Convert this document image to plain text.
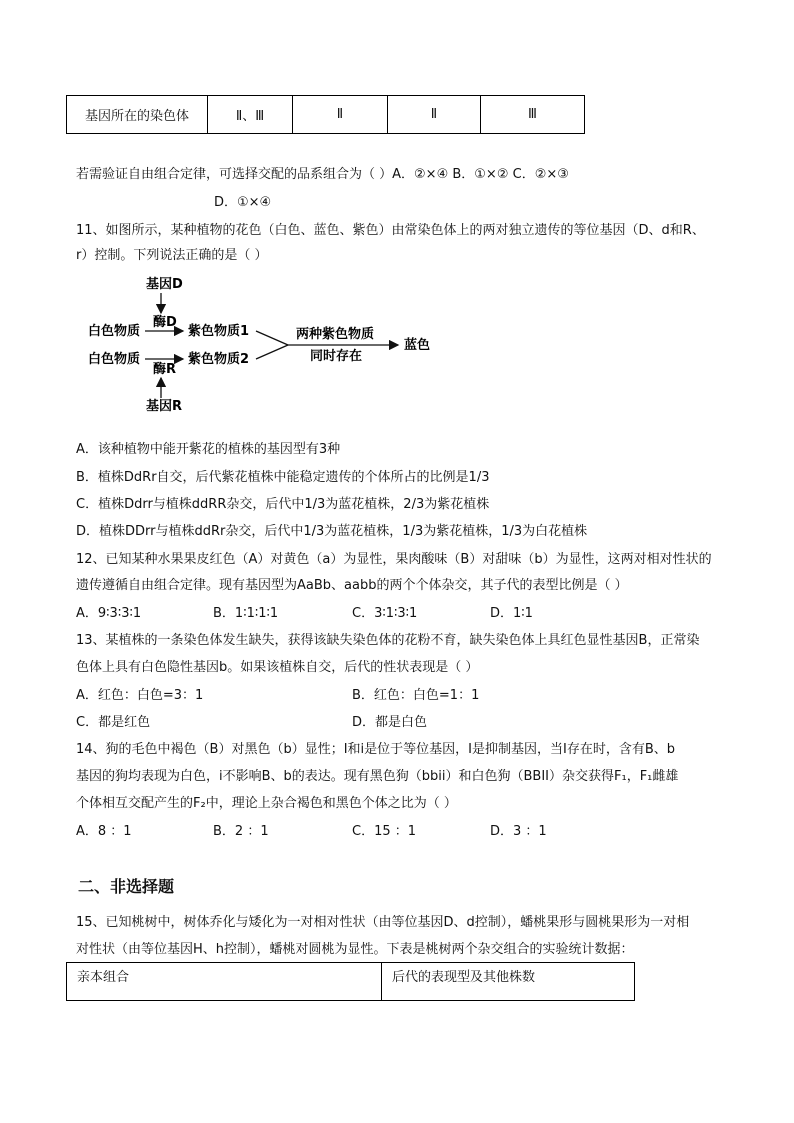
基因所在的染色体	Ⅱ、Ⅲ	Ⅱ	Ⅱ	Ⅲ
若需验证自由组合定律，可选择交配的品系组合为（ ）A．②×④ B．①×② C．②×③
D．①×④
11、如图所示，某种植物的花色（白色、蓝色、紫色）由常染色体上的两对独立遗传的等位基因（D、d和R、
r）控制。下列说法正确的是（ ）
基因D
酶D
白色物质	紫色物质1
白色物质	紫色物质2
酶R
基因R
两种紫色物质
同时存在
蓝色
A．该种植物中能开紫花的植株的基因型有3种
B．植株DdRr自交，后代紫花植株中能稳定遗传的个体所占的比例是1/3
C．植株Ddrr与植株ddRR杂交，后代中1/3为蓝花植株，2/3为紫花植株
D．植株DDrr与植株ddRr杂交，后代中1/3为蓝花植株，1/3为紫花植株，1/3为白花植株
12、已知某种水果果皮红色（A）对黄色（a）为显性，果肉酸味（B）对甜味（b）为显性，这两对相对性状的
遗传遵循自由组合定律。现有基因型为AaBb、aabb的两个个体杂交，其子代的表型比例是（ ）
A．9∶3∶3∶1	B．1∶1∶1∶1	C．3∶1∶3∶1	D．1∶1
13、某植株的一条染色体发生缺失，获得该缺失染色体的花粉不育，缺失染色体上具红色显性基因B，正常染
色体上具有白色隐性基因b。如果该植株自交，后代的性状表现是（ ）
A．红色：白色=3：1	B．红色：白色=1：1
C．都是红色	D．都是白色
14、狗的毛色中褐色（B）对黑色（b）显性；I和i是位于等位基因，I是抑制基因，当I存在时，含有B、b
基因的狗均表现为白色，i不影响B、b的表达。现有黑色狗（bbii）和白色狗（BBII）杂交获得F₁，F₁雌雄
个体相互交配产生的F₂中，理论上杂合褐色和黑色个体之比为（ ）
A．8 ：1	B．2 ：1	C．15 ：1	D．3 ：1
二、非选择题
15、已知桃树中，树体乔化与矮化为一对相对性状（由等位基因D、d控制），蟠桃果形与圆桃果形为一对相
对性状（由等位基因H、h控制），蟠桃对圆桃为显性。下表是桃树两个杂交组合的实验统计数据：
亲本组合	后代的表现型及其他株数
